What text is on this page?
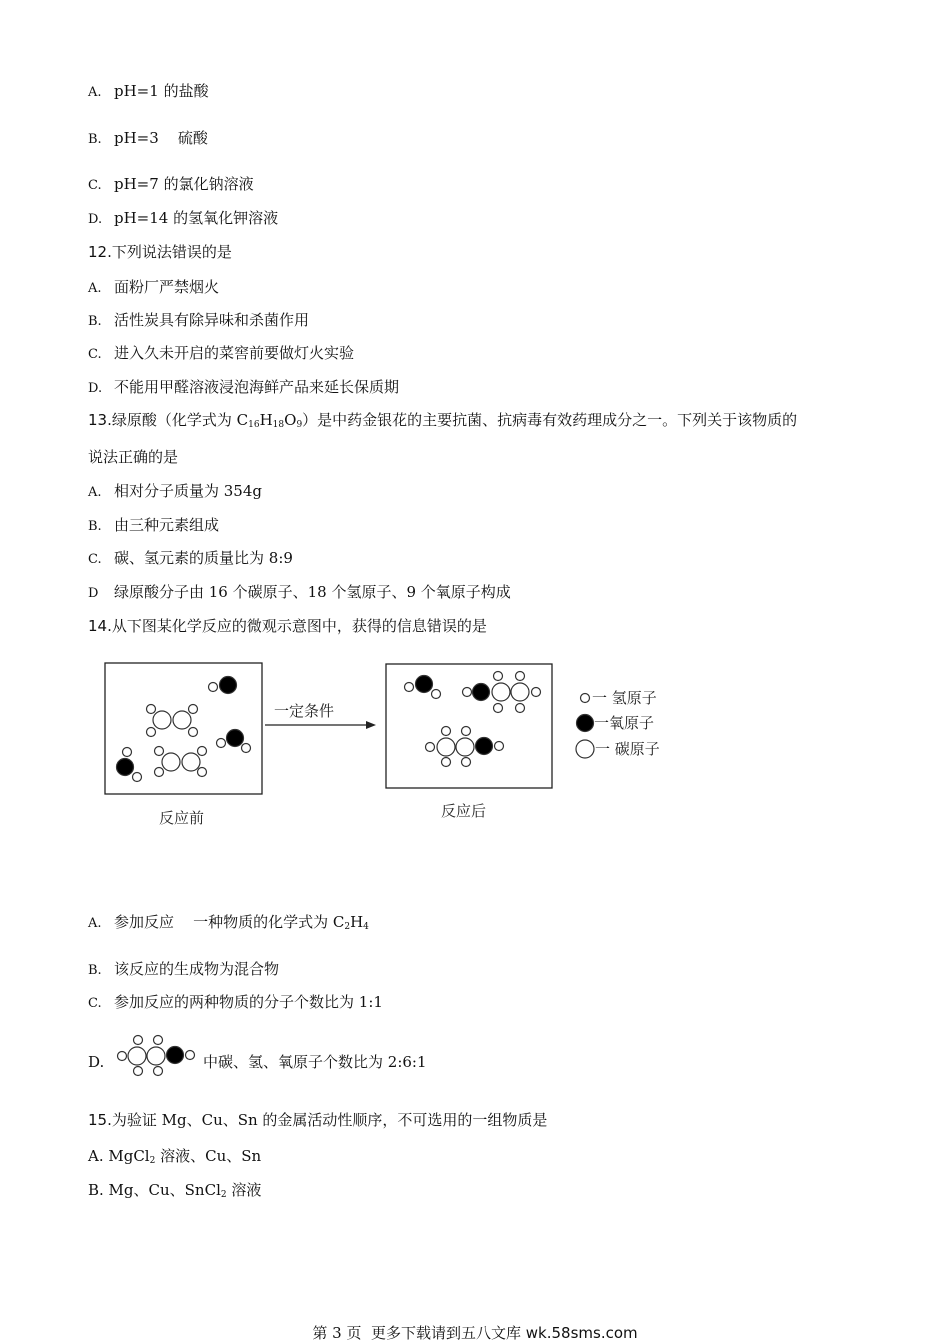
A. pH=1 的盐酸
B. pH=3    硫酸
C. pH=7 的氯化钠溶液
D. pH=14 的氢氧化钾溶液
12.下列说法错误的是
A. 面粉厂严禁烟火
B. 活性炭具有除异味和杀菌作用
C. 进入久未开启的菜窖前要做灯火实验
D. 不能用甲醛溶液浸泡海鲜产品来延长保质期
13.绿原酸（化学式为 $C_{16}H_{18}O_9$）是中药金银花的主要抗菌、抗病毒有效药理成分之一。下列关于该物质的
说法正确的是
A. 相对分子质量为 354g
B. 由三种元素组成
C. 碳、氢元素的质量比为 8:9
D 绿原酸分子由 16 个碳原子、18 个氢原子、9 个氧原子构成
14.从下图某化学反应的微观示意图中，获得的信息错误的是
一定条件
反应前	反应后
一 氢原子
一氧原子
一 碳原子
A. 参加反应    一种物质的化学式为 $C_2H_4$
B. 该反应的生成物为混合物
C. 参加反应的两种物质的分子个数比为 1:1
D.	中碳、氢、氧原子个数比为 2:6:1
15.为验证 Mg、Cu、Sn 的金属活动性顺序，不可选用的一组物质是
A. MgCl$_2$ 溶液、Cu、Sn
B. Mg、Cu、SnCl$_2$ 溶液
第 3 页  更多下载请到五八文库 wk.58sms.com
